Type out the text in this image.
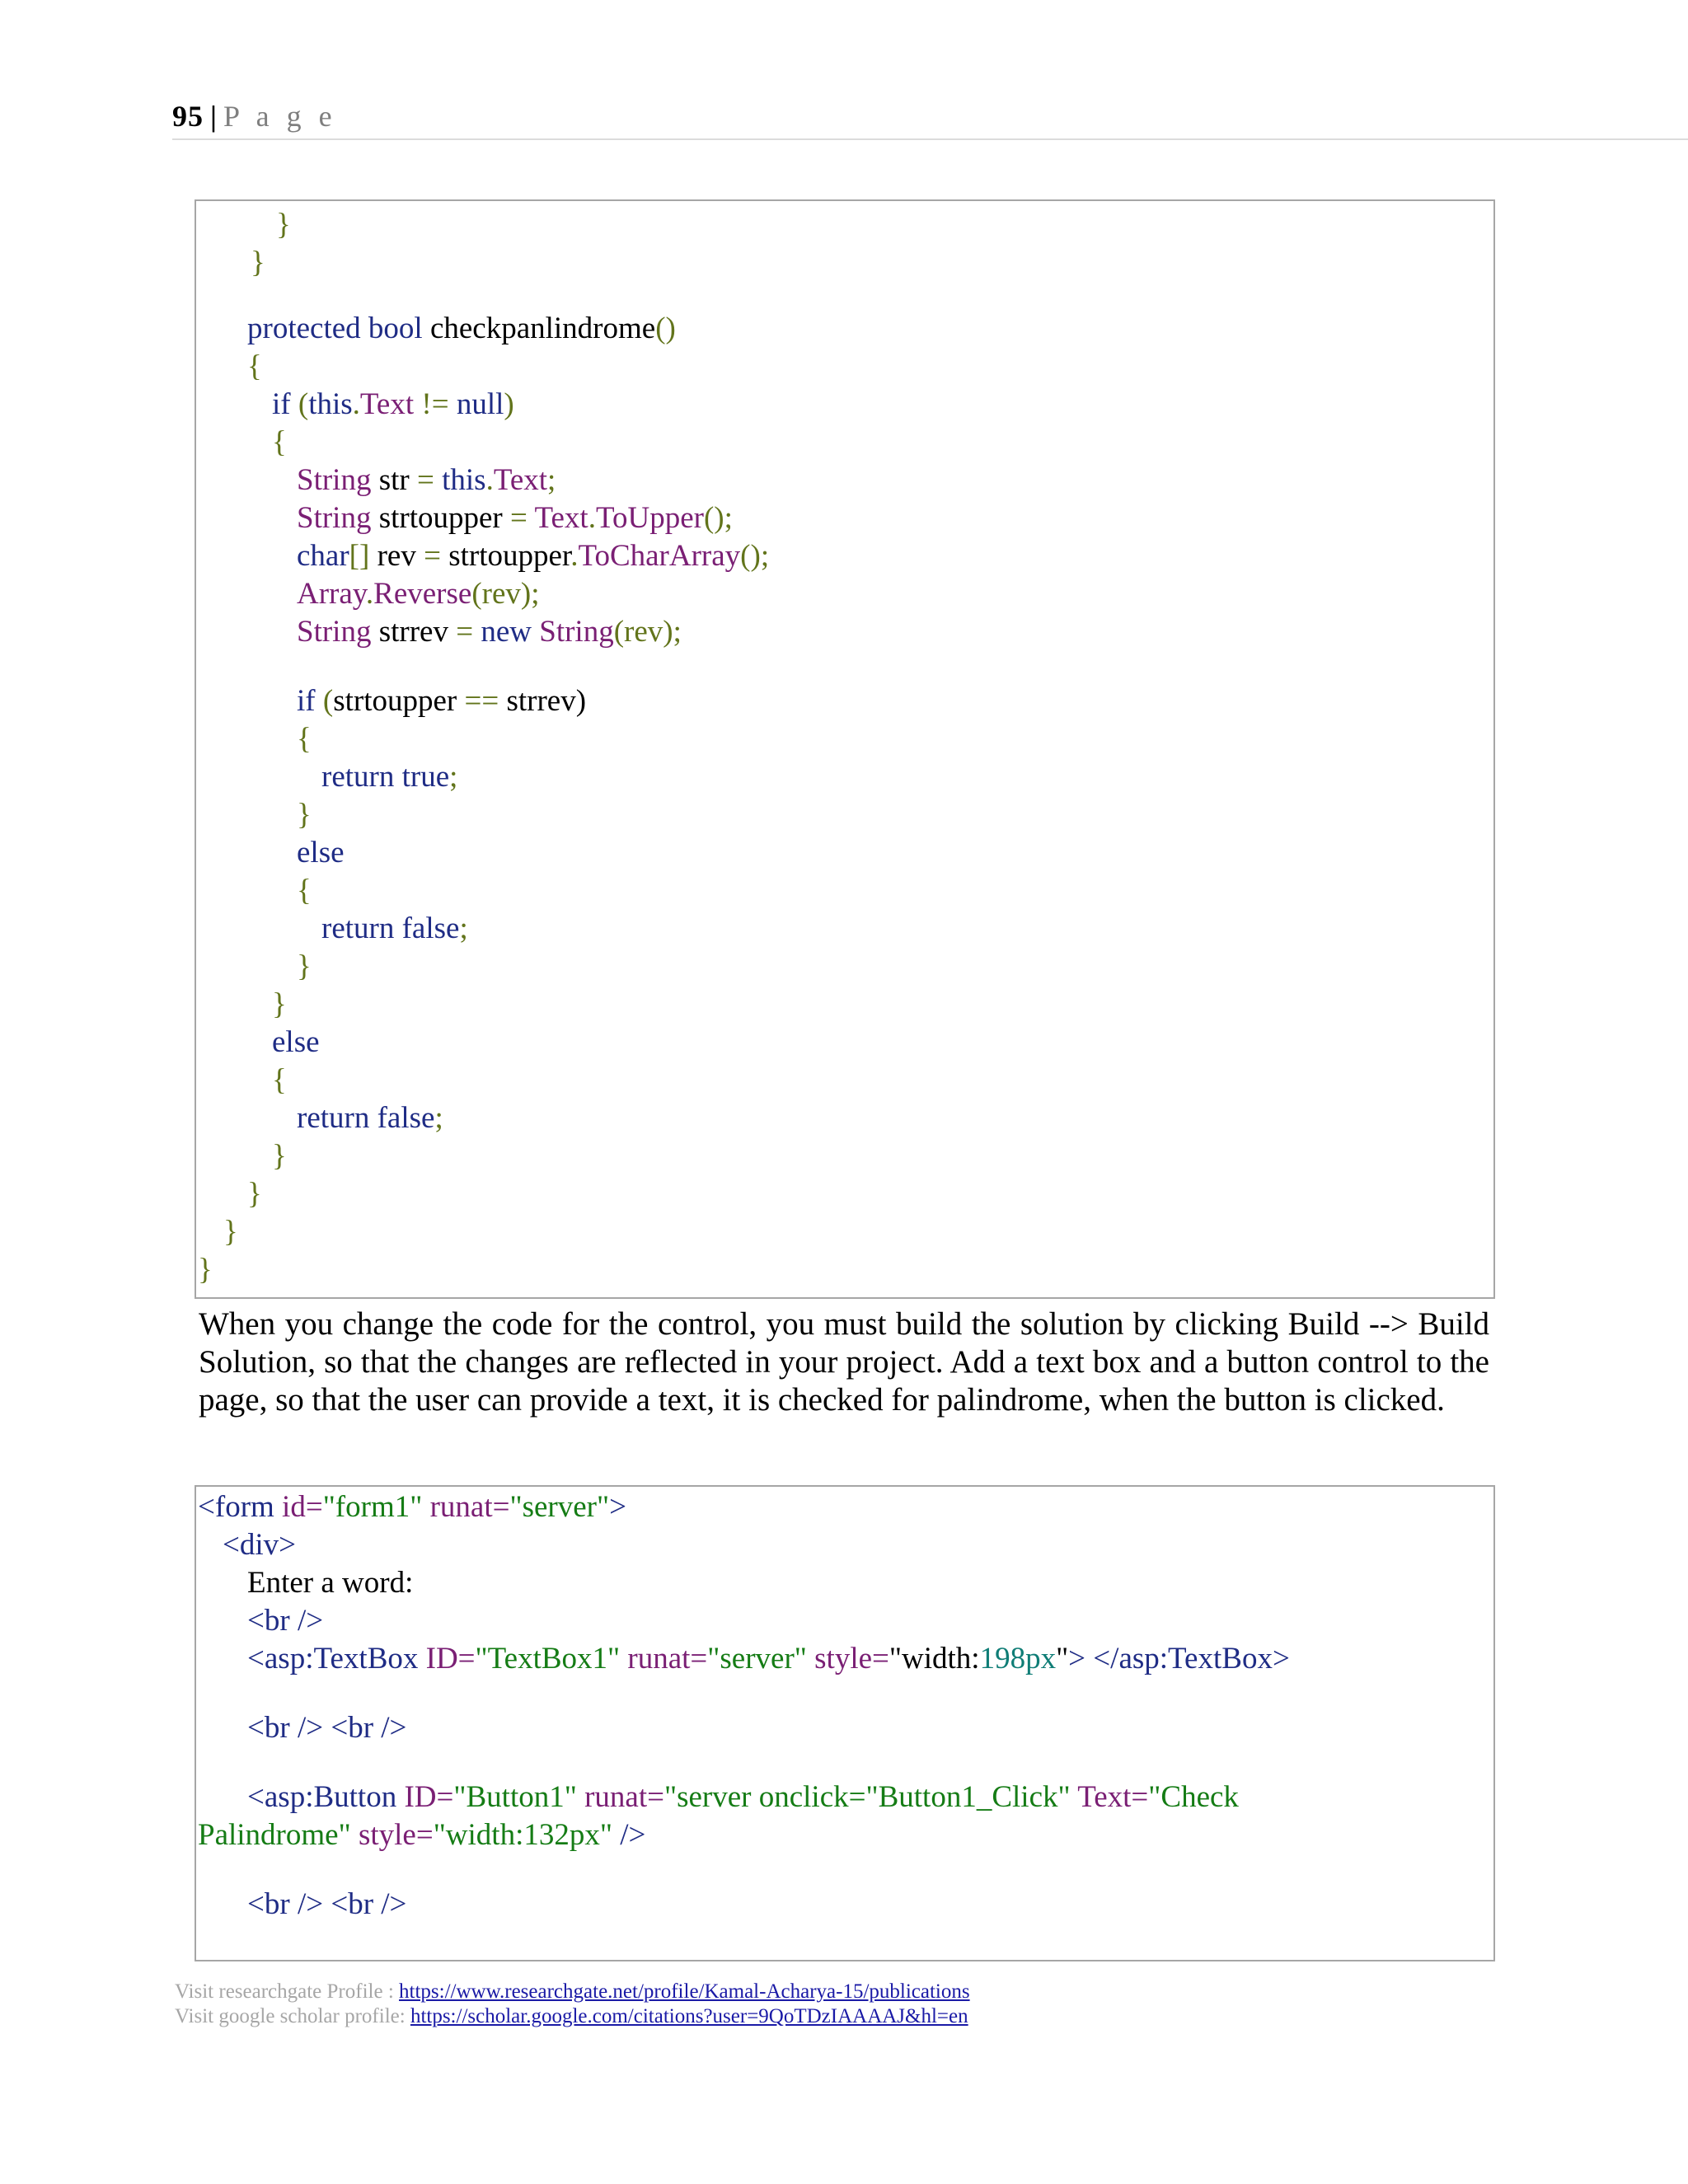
95 | P a g e
}
}
protected bool checkpanlindrome()
{
if (this.Text != null)
{
String str = this.Text;
String strtoupper = Text.ToUpper();
char[] rev = strtoupper.ToCharArray();
Array.Reverse(rev);
String strrev = new String(rev);
if (strtoupper == strrev)
{
return true;
}
else
{
return false;
}
}
else
{
return false;
}
}
}
}
When you change the code for the control, you must build the solution by clicking Build --> Build Solution, so that the changes are reflected in your project. Add a text box and a button control to the page, so that the user can provide a text, it is checked for palindrome, when the button is clicked.
<form id="form1" runat="server">
<div>
Enter a word:
<br />
<asp:TextBox ID="TextBox1" runat="server" style="width:198px"> </asp:TextBox>
<br /> <br />
<asp:Button ID="Button1" runat="server onclick="Button1_Click" Text="Check
Palindrome" style="width:132px" />
<br /> <br />
Visit researchgate Profile : https://www.researchgate.net/profile/Kamal-Acharya-15/publications
Visit google scholar profile: https://scholar.google.com/citations?user=9QoTDzIAAAAJ&hl=en
